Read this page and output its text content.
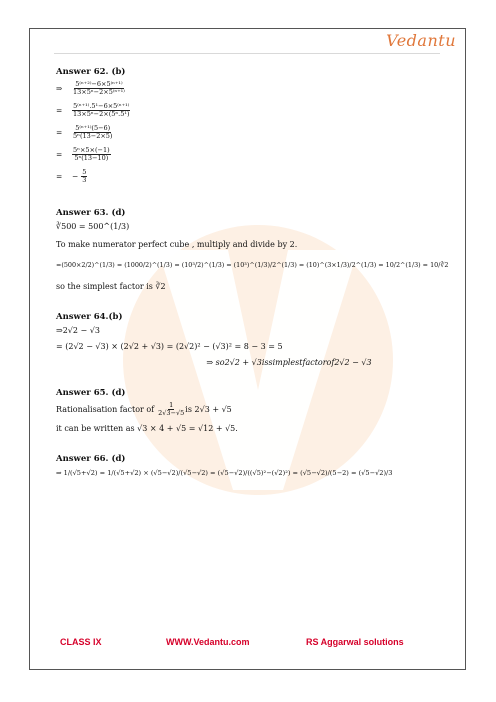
Vedantu
Answer 62. (b)
⇒	$\frac{\text{5⁽ⁿ⁺²⁾−6×5⁽ⁿ⁺¹⁾}}{\text{13×5ⁿ−2×5⁽ⁿ⁺¹⁾}}$
=	$\frac{\text{5⁽ⁿ⁺¹⁾.5¹−6×5⁽ⁿ⁺¹⁾}}{\text{13×5ⁿ−2×(5ⁿ.5¹)}}$
=	$\frac{\text{5⁽ⁿ⁺¹⁾(5−6)}}{\text{5ⁿ(13−2×5)}}$
=	$\frac{\text{5ⁿ×5×(−1)}}{\text{5ⁿ(13−10)}}$
=	− $\frac{5}{3}$
Answer 63. (d)
∛500 = 500^(1/3)
To make numerator perfect cube , multiply and divide by 2.
=(500×2/2)^(1/3) = (1000/2)^(1/3) = (10³/2)^(1/3) = (10³)^(1/3)/2^(1/3) = (10)^(3×1/3)/2^(1/3) = 10/2^(1/3) = 10/∛2
so the simplest factor is ∛2
Answer 64.(b)
⇒2√2 − √3
= (2√2 − √3) × (2√2 + √3) = (2√2)² − (√3)² = 8 − 3 = 5
⇒ so2√2 + √3issimplestfactorof2√2 − √3
Answer 65. (d)
Rationalisation factor of $\frac{1}{2√3-√5}$ is 2√3 + √5
it can be written as √3 × 4 + √5 = √12 + √5.
Answer 66. (d)
⇒ 1/(√5+√2) = 1/(√5+√2) × (√5−√2)/(√5−√2) = (√5−√2)/((√5)²−(√2)²) = (√5−√2)/(5−2) = (√5−√2)/3
CLASS IX	WWW.Vedantu.com	RS Aggarwal solutions
